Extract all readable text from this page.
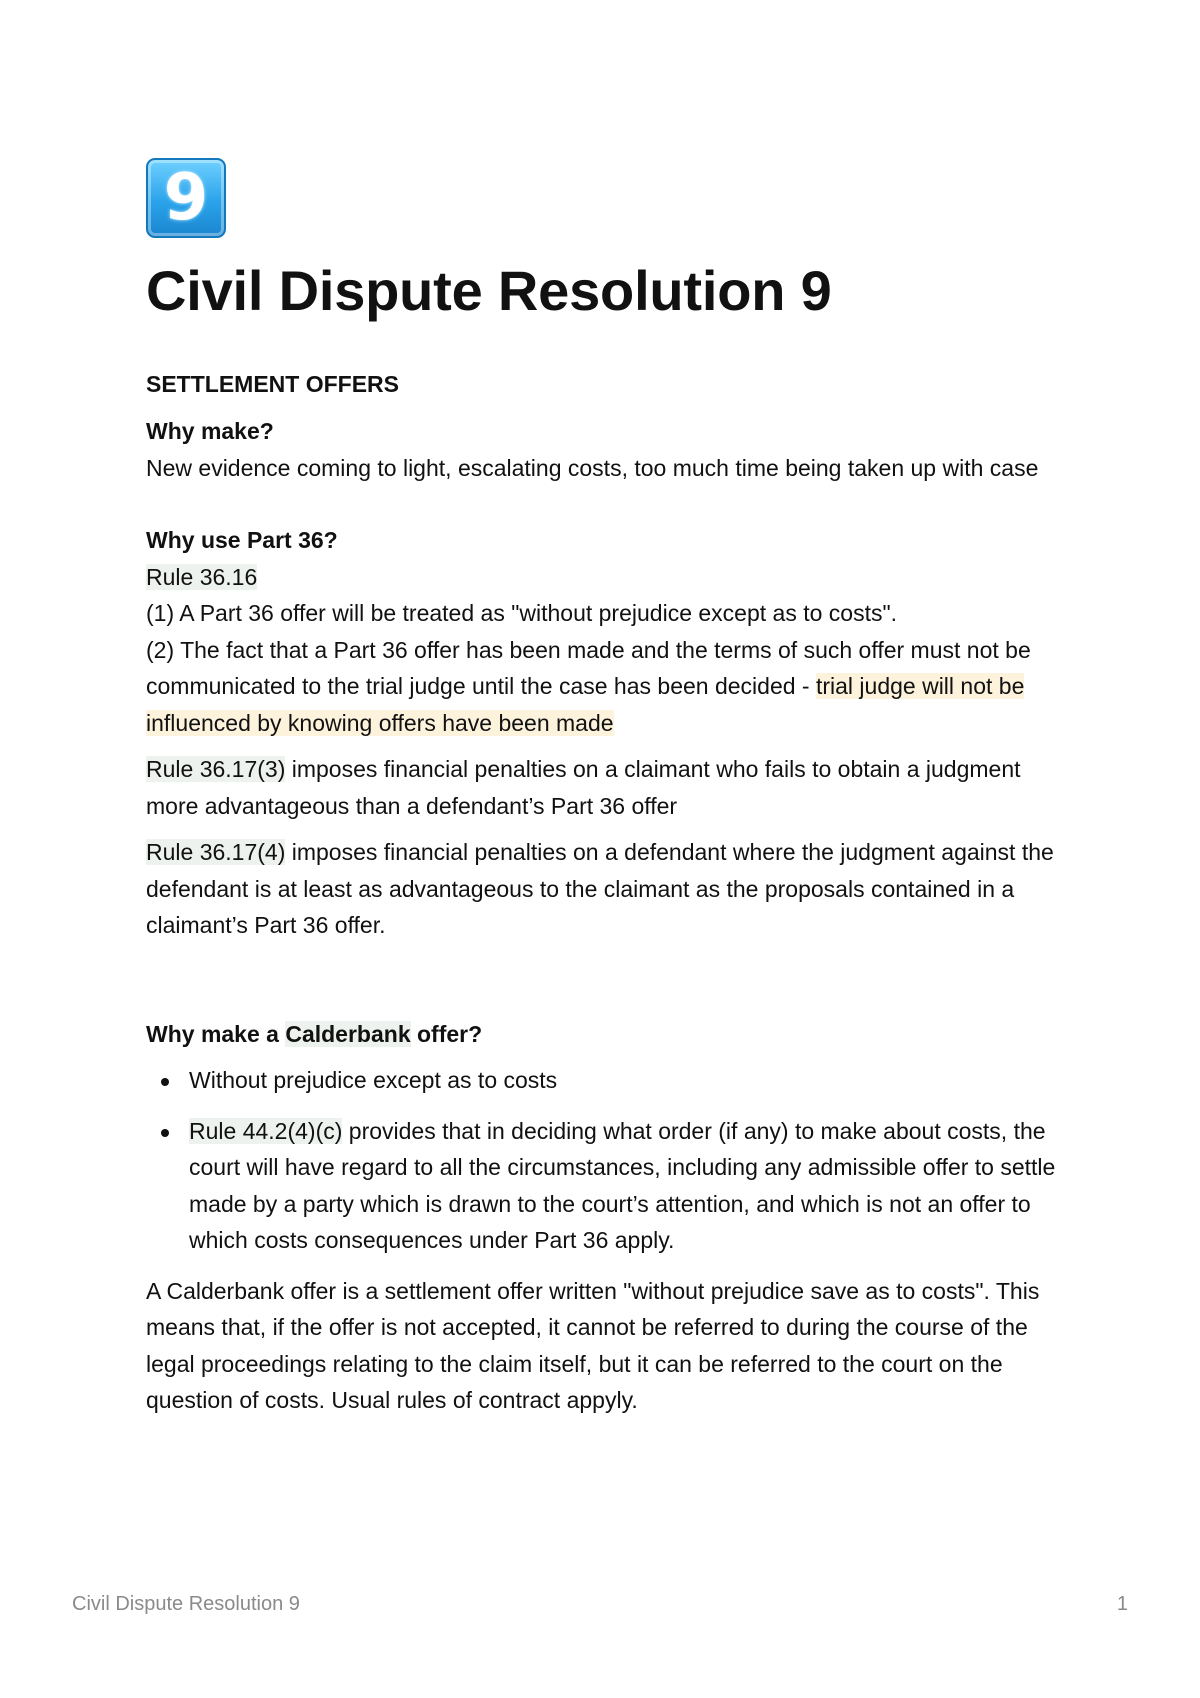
9
Civil Dispute Resolution 9

SETTLEMENT OFFERS

Why make?

New evidence coming to light, escalating costs, too much time being taken up with case

Why use Part 36?

Rule 36.16

(1) A Part 36 offer will be treated as "without prejudice except as to costs".

(2) The fact that a Part 36 offer has been made and the terms of such offer must not be communicated to the trial judge until the case has been decided - trial judge will not be influenced by knowing offers have been made

Rule 36.17(3) imposes financial penalties on a claimant who fails to obtain a judgment more advantageous than a defendant’s Part 36 offer

Rule 36.17(4) imposes financial penalties on a defendant where the judgment against the defendant is at least as advantageous to the claimant as the proposals contained in a claimant’s Part 36 offer.

Why make a Calderbank offer?

Without prejudice except as to costs
Rule 44.2(4)(c) provides that in deciding what order (if any) to make about costs, the court will have regard to all the circumstances, including any admissible offer to settle made by a party which is drawn to the court’s attention, and which is not an offer to which costs consequences under Part 36 apply.

A Calderbank offer is a settlement offer written "without prejudice save as to costs". This means that, if the offer is not accepted, it cannot be referred to during the course of the legal proceedings relating to the claim itself, but it can be referred to the court on the question of costs. Usual rules of contract appyly.

Civil Dispute Resolution 9	1
